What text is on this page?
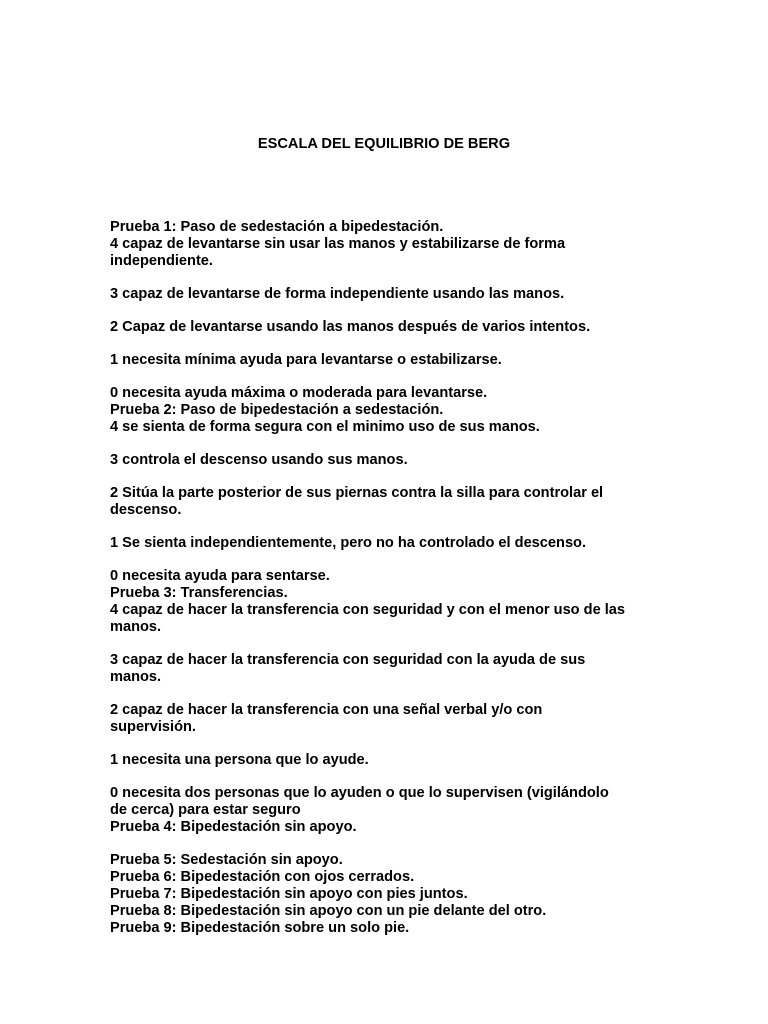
ESCALA DEL EQUILIBRIO DE BERG
Prueba 1: Paso de sedestación a bipedestación.
4 capaz de levantarse sin usar las manos y estabilizarse de forma
independiente.
3 capaz de levantarse de forma independiente usando las manos.
2 Capaz de levantarse usando las manos después de varios intentos.
1 necesita mínima ayuda para levantarse o estabilizarse.
0 necesita ayuda máxima o moderada para levantarse.
Prueba 2: Paso de bipedestación a sedestación.
4 se sienta de forma segura con el minimo uso de sus manos.
3 controla el descenso usando sus manos.
2 Sitúa la parte posterior de sus piernas contra la silla para controlar el
descenso.
1 Se sienta independientemente, pero no ha controlado el descenso.
0 necesita ayuda para sentarse.
Prueba 3: Transferencias.
4 capaz de hacer la transferencia con seguridad y con el menor uso de las
manos.
3 capaz de hacer la transferencia con seguridad con la ayuda de sus
manos.
2 capaz de hacer la transferencia con una señal verbal y/o con
supervisión.
1 necesita una persona que lo ayude.
0 necesita dos personas que lo ayuden o que lo supervisen (vigilándolo
de cerca) para estar seguro
Prueba 4: Bipedestación sin apoyo.
Prueba 5: Sedestación sin apoyo.
Prueba 6: Bipedestación con ojos cerrados.
Prueba 7: Bipedestación sin apoyo con pies juntos.
Prueba 8: Bipedestación sin apoyo con un pie delante del otro.
Prueba 9: Bipedestación sobre un solo pie.
